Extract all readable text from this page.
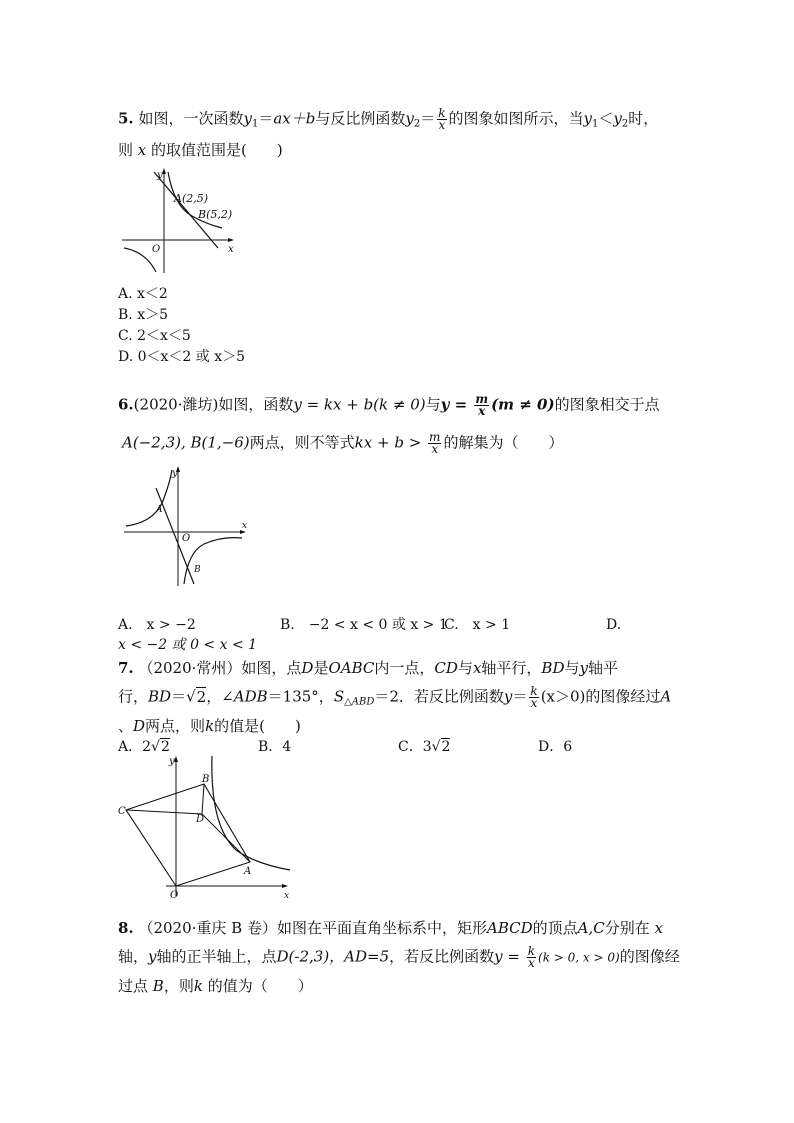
5. 如图，一次函数$y_1=ax+b$与反比例函数$y_2= \frac{k}{x}$ 的图象如图所示，当$y_1<y_2$时，
则 x 的取值范围是(　　)
y
x
O
A(2,5)
B(5,2)
A. x＜2
B. x＞5
C. 2＜x＜5
D. 0＜x＜2 或 x＞5
6.(2020·潍坊)如图，函数y = kx + b(k ≠ 0)与$y = \frac{m}{x} (m \ne 0)$的图象相交于点
A(−2,3), B(1,−6)两点，则不等式kx + $b > \frac{m}{x}$ 的解集为（　　）
y
x
O
A
B
A.　x > −2	B.　−2 < x < 0 或 x > 1
C.　x > 1	D.
x < −2 或 0 < x < 1
7. （2020·常州）如图，点D是OABC内一点，CD与x轴平行，BD与y轴平
行，BD＝√2，∠ADB＝135°，$S_{\triangle ABD}=2$．若反比例函数$y= \frac{k}{x} (x>0)$的图像经过A
、D两点，则k的值是(　　)
A．2√2	B．4	C．3√2	D．6
y
B
C
D
A
O	x
8. （2020·重庆 B 卷）如图在平面直角坐标系中，矩形ABCD的顶点A,C分别在 x
轴，y轴的正半轴上，点D(-2,3)，AD=5，若反比例函数$y = \frac{k}{x} (k > 0$, x > 0)的图像经
过点 B，则k 的值为（　　）
